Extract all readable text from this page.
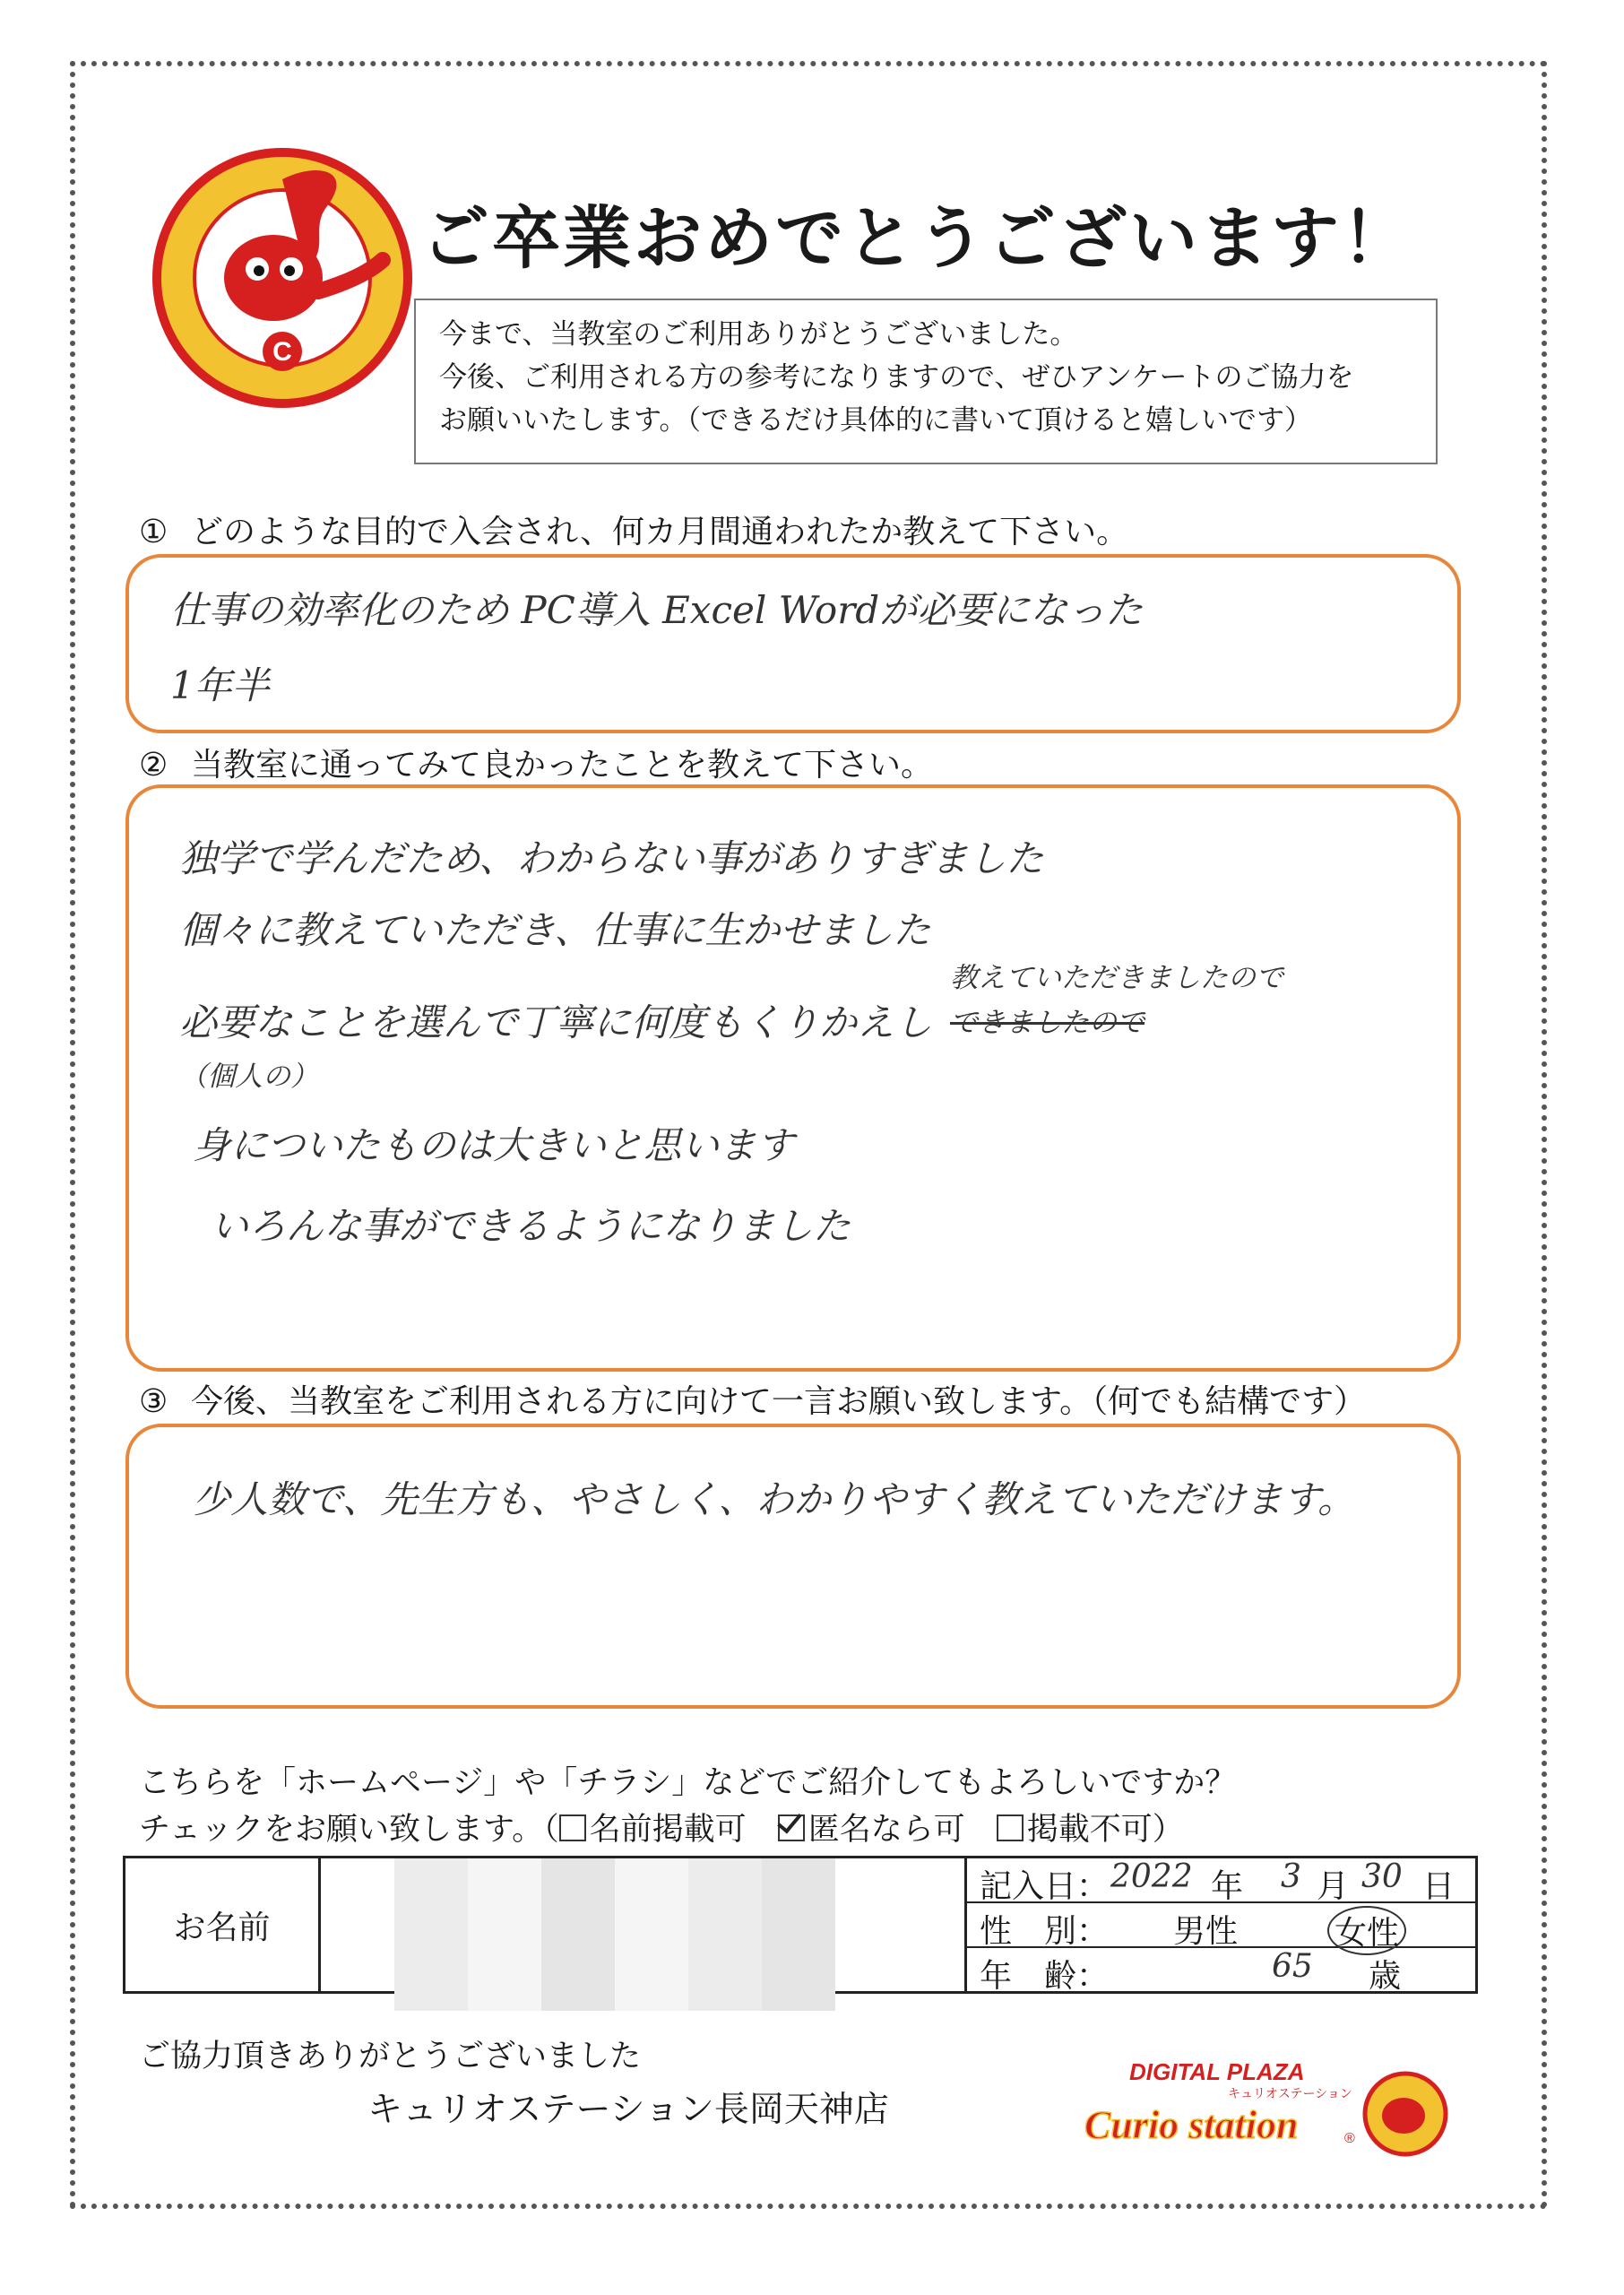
C
ご卒業おめでとうございます！
今まで、当教室のご利用ありがとうございました。
今後、ご利用される方の参考になりますので、ぜひアンケートのご協力を
お願いいたします。（できるだけ具体的に書いて頂けると嬉しいです）
① どのような目的で入会され、何カ月間通われたか教えて下さい。
仕事の効率化のため PC導入 Excel Wordが必要になった
1年半
② 当教室に通ってみて良かったことを教えて下さい。
独学で学んだため、わからない事がありすぎました
個々に教えていただき、仕事に生かせました
必要なことを選んで丁寧に何度もくりかえし
教えていただきましたので
できましたので
（個人の）
身についたものは大きいと思います
いろんな事ができるようになりました
③ 今後、当教室をご利用される方に向けて一言お願い致します。（何でも結構です）
少人数で、先生方も、やさしく、わかりやすく教えていただけます。
こちらを「ホームページ」や「チラシ」などでご紹介してもよろしいですか？
チェックをお願い致します。（ 名前掲載可　 匿名なら可　 掲載不可）
お名前		
記入日： 2022 年 3 月 30 日
性　別： 男性	女性
年　齢：	65 歳
ご協力頂きありがとうございました
キュリオステーション長岡天神店
DIGITAL PLAZA
キュリオステーション
Curio station	®
